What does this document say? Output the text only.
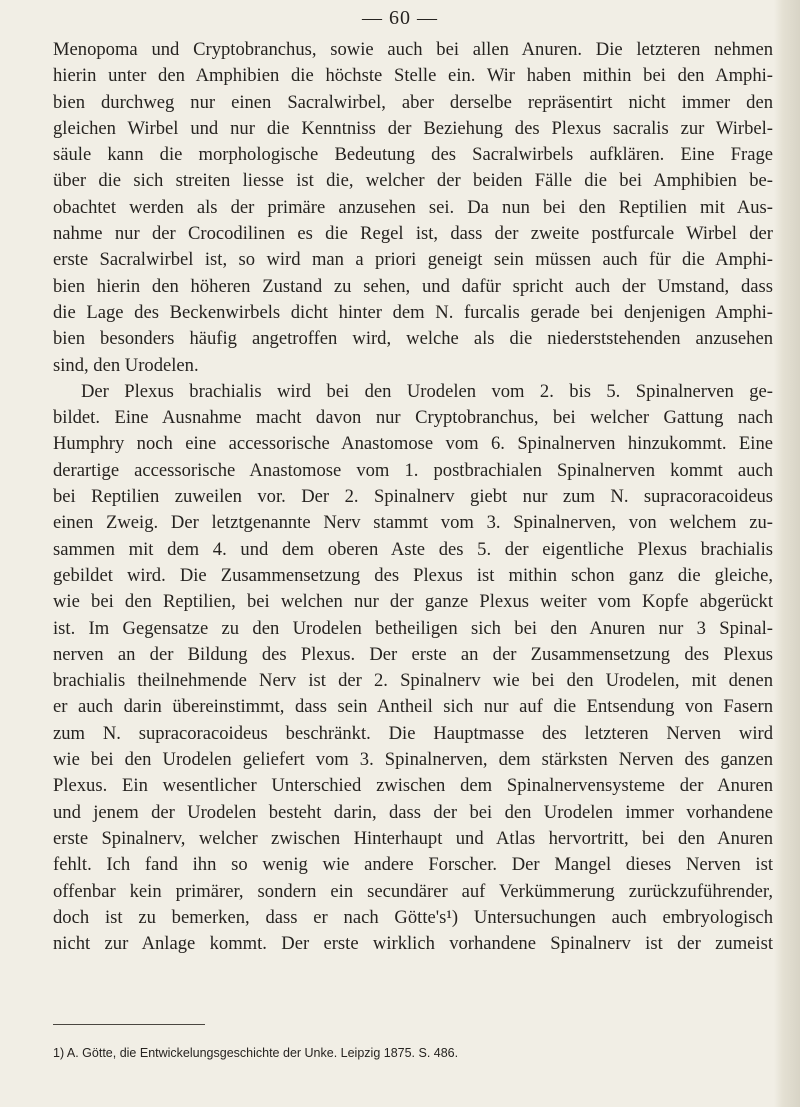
— 60 —
Menopoma und Cryptobranchus, sowie auch bei allen Anuren. Die letzteren nehmen
hierin unter den Amphibien die höchste Stelle ein. Wir haben mithin bei den Amphi-
bien durchweg nur einen Sacralwirbel, aber derselbe repräsentirt nicht immer den
gleichen Wirbel und nur die Kenntniss der Beziehung des Plexus sacralis zur Wirbel-
säule kann die morphologische Bedeutung des Sacralwirbels aufklären. Eine Frage
über die sich streiten liesse ist die, welcher der beiden Fälle die bei Amphibien be-
obachtet werden als der primäre anzusehen sei. Da nun bei den Reptilien mit Aus-
nahme nur der Crocodilinen es die Regel ist, dass der zweite postfurcale Wirbel der
erste Sacralwirbel ist, so wird man a priori geneigt sein müssen auch für die Amphi-
bien hierin den höheren Zustand zu sehen, und dafür spricht auch der Umstand, dass
die Lage des Beckenwirbels dicht hinter dem N. furcalis gerade bei denjenigen Amphi-
bien besonders häufig angetroffen wird, welche als die niederststehenden anzusehen
sind, den Urodelen.
Der Plexus brachialis wird bei den Urodelen vom 2. bis 5. Spinalnerven ge-
bildet. Eine Ausnahme macht davon nur Cryptobranchus, bei welcher Gattung nach
Humphry noch eine accessorische Anastomose vom 6. Spinalnerven hinzukommt. Eine
derartige accessorische Anastomose vom 1. postbrachialen Spinalnerven kommt auch
bei Reptilien zuweilen vor. Der 2. Spinalnerv giebt nur zum N. supracoracoideus
einen Zweig. Der letztgenannte Nerv stammt vom 3. Spinalnerven, von welchem zu-
sammen mit dem 4. und dem oberen Aste des 5. der eigentliche Plexus brachialis
gebildet wird. Die Zusammensetzung des Plexus ist mithin schon ganz die gleiche,
wie bei den Reptilien, bei welchen nur der ganze Plexus weiter vom Kopfe abgerückt
ist. Im Gegensatze zu den Urodelen betheiligen sich bei den Anuren nur 3 Spinal-
nerven an der Bildung des Plexus. Der erste an der Zusammensetzung des Plexus
brachialis theilnehmende Nerv ist der 2. Spinalnerv wie bei den Urodelen, mit denen
er auch darin übereinstimmt, dass sein Antheil sich nur auf die Entsendung von Fasern
zum N. supracoracoideus beschränkt. Die Hauptmasse des letzteren Nerven wird
wie bei den Urodelen geliefert vom 3. Spinalnerven, dem stärksten Nerven des ganzen
Plexus. Ein wesentlicher Unterschied zwischen dem Spinalnervensysteme der Anuren
und jenem der Urodelen besteht darin, dass der bei den Urodelen immer vorhandene
erste Spinalnerv, welcher zwischen Hinterhaupt und Atlas hervortritt, bei den Anuren
fehlt. Ich fand ihn so wenig wie andere Forscher. Der Mangel dieses Nerven ist
offenbar kein primärer, sondern ein secundärer auf Verkümmerung zurückzuführender,
doch ist zu bemerken, dass er nach Götte's¹) Untersuchungen auch embryologisch
nicht zur Anlage kommt. Der erste wirklich vorhandene Spinalnerv ist der zumeist
1) A. Götte, die Entwickelungsgeschichte der Unke. Leipzig 1875. S. 486.
